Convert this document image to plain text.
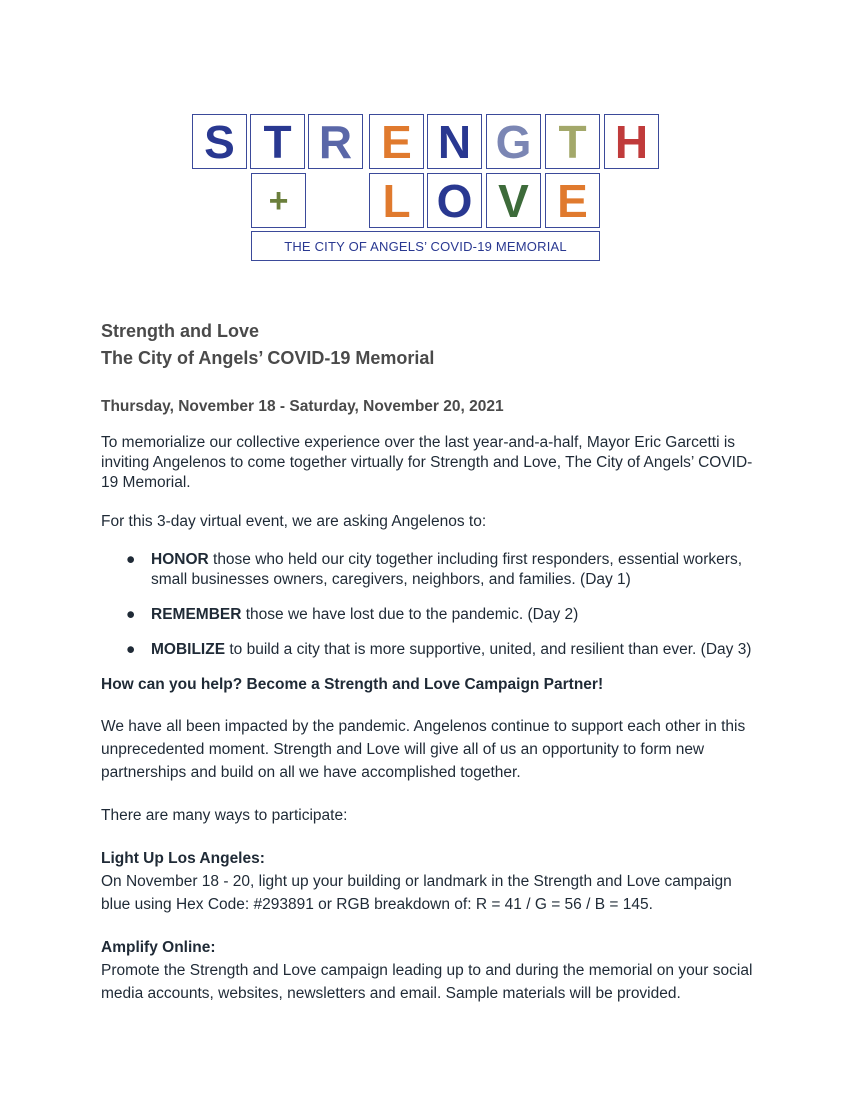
S T R E N G T H
+	L O V E
THE CITY OF ANGELS’ COVID-19 MEMORIAL
Strength and Love
The City of Angels’ COVID-19 Memorial
Thursday, November 18 - Saturday, November 20, 2021

To memorialize our collective experience over the last year-and-a-half, Mayor Eric Garcetti is inviting Angelenos to come together virtually for Strength and Love, The City of Angels’ COVID-19 Memorial.

For this 3-day virtual event, we are asking Angelenos to:

● HONOR those who held our city together including first responders, essential workers, small businesses owners, caregivers, neighbors, and families. (Day 1)
● REMEMBER those we have lost due to the pandemic. (Day 2)
● MOBILIZE to build a city that is more supportive, united, and resilient than ever. (Day 3)

How can you help? Become a Strength and Love Campaign Partner!

We have all been impacted by the pandemic. Angelenos continue to support each other in this unprecedented moment. Strength and Love will give all of us an opportunity to form new partnerships and build on all we have accomplished together.

There are many ways to participate:

Light Up Los Angeles:

On November 18 - 20, light up your building or landmark in the Strength and Love campaign blue using Hex Code: #293891 or RGB breakdown of: R = 41 / G = 56 / B = 145.

Amplify Online:

Promote the Strength and Love campaign leading up to and during the memorial on your social media accounts, websites, newsletters and email. Sample materials will be provided.
